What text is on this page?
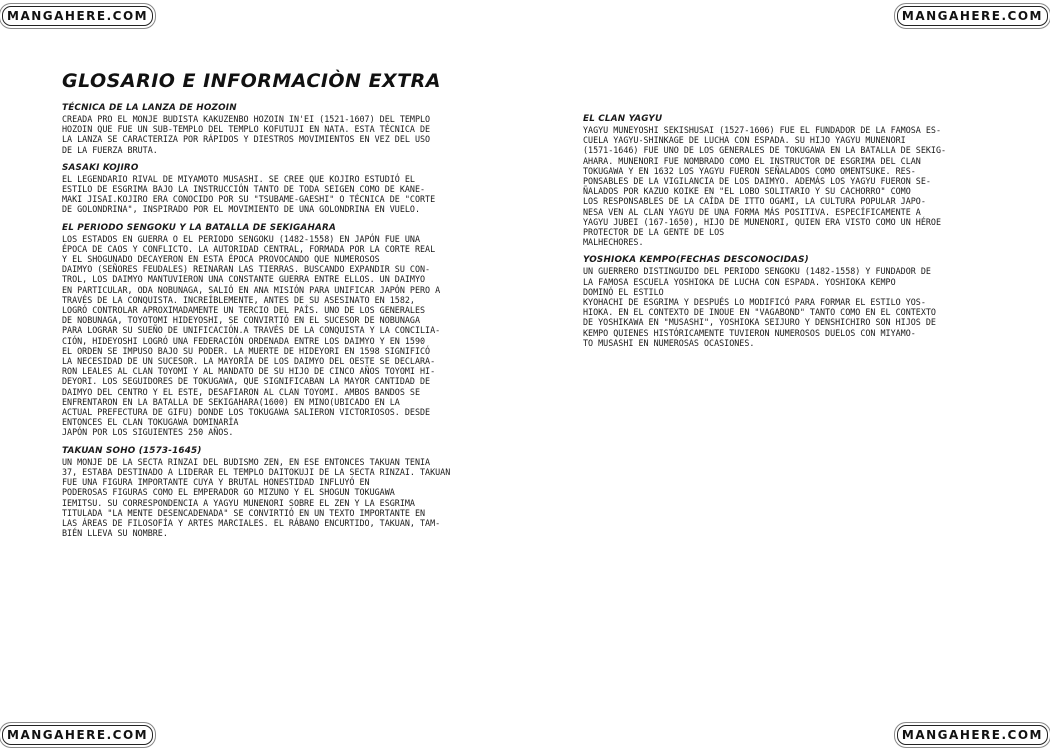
MANGAHERE.COM	MANGAHERE.COM
MANGAHERE.COM	MANGAHERE.COM
GLOSARIO E INFORMACIÒN EXTRA

TÉCNICA DE LA LANZA DE HOZOIN

CREADA PRO EL MONJE BUDISTA KAKUZENBO HOZOIN IN'EI (1521-1607) DEL TEMPLO
HOZOIN QUE FUE UN SUB-TEMPLO DEL TEMPLO KOFUTUJI EN NATA. ESTA TÉCNICA DE
LA LANZA SE CARACTERIZA POR RÁPIDOS Y DIESTROS MOVIMIENTOS EN VEZ DEL USO
DE LA FUERZA BRUTA.

SASAKI KOJIRO

EL LEGENDARIO RIVAL DE MIYAMOTO MUSASHI. SE CREE QUE KOJIRO ESTUDIÓ EL
ESTILO DE ESGRIMA BAJO LA INSTRUCCIÓN TANTO DE TODA SEIGEN COMO DE KANE-
MAKI JISAI.KOJIRO ERA CONOCIDO POR SU "TSUBAME-GAESHI" O TÉCNICA DE "CORTE
DE GOLONDRINA", INSPIRADO POR EL MOVIMIENTO DE UNA GOLONDRINA EN VUELO.

EL PERIODO SENGOKU Y LA BATALLA DE SEKIGAHARA

LOS ESTADOS EN GUERRA O EL PERIODO SENGOKU (1482-1558) EN JAPÓN FUE UNA
ÉPOCA DE CAOS Y CONFLICTO. LA AUTORIDAD CENTRAL, FORMADA POR LA CORTE REAL
Y EL SHOGUNADO DECAYERON EN ESTA ÉPOCA PROVOCANDO QUE NUMEROSOS
DAIMYO (SEÑORES FEUDALES) REINARAN LAS TIERRAS. BUSCANDO EXPANDIR SU CON-
TROL, LOS DAIMYO MANTUVIERON UNA CONSTANTE GUERRA ENTRE ELLOS. UN DAIMYO
EN PARTICULAR, ODA NOBUNAGA, SALIÓ EN ANA MISIÓN PARA UNIFICAR JAPÓN PERO A
TRAVÉS DE LA CONQUISTA. INCREÍBLEMENTE, ANTES DE SU ASESINATO EN 1582,
LOGRÓ CONTROLAR APROXIMADAMENTE UN TERCIO DEL PAÍS. UNO DE LOS GENERALES
DE NOBUNAGA, TOYOTOMI HIDEYOSHI, SE CONVIRTIÓ EN EL SUCESOR DE NOBUNAGA
PARA LOGRAR SU SUEÑO DE UNIFICACIÓN.A TRAVÉS DE LA CONQUISTA Y LA CONCILIA-
CIÓN, HIDEYOSHI LOGRÓ UNA FEDERACIÓN ORDENADA ENTRE LOS DAIMYO Y EN 1590
EL ORDEN SE IMPUSO BAJO SU PODER. LA MUERTE DE HIDEYORI EN 1598 SIGNIFICÓ
LA NECESIDAD DE UN SUCESOR. LA MAYORÍA DE LOS DAIMYO DEL OESTE SE DECLARA-
RON LEALES AL CLAN TOYOMI Y AL MANDATO DE SU HIJO DE CINCO AÑOS TOYOMI HI-
DEYORI. LOS SEGUIDORES DE TOKUGAWA, QUE SIGNIFICABAN LA MAYOR CANTIDAD DE
DAIMYO DEL CENTRO Y EL ESTE, DESAFIARON AL CLAN TOYOMI. AMBOS BANDOS SE
ENFRENTARON EN LA BATALLA DE SEKIGAHARA(1600) EN MINO(UBICADO EN LA
ACTUAL PREFECTURA DE GIFU) DONDE LOS TOKUGAWA SALIERON VICTORIOSOS. DESDE
ENTONCES EL CLAN TOKUGAWA DOMINARÍA
JAPÓN POR LOS SIGUIENTES 250 AÑOS.

TAKUAN SOHO (1573-1645)

UN MONJE DE LA SECTA RINZAI DEL BUDISMO ZEN, EN ESE ENTONCES TAKUAN TENIA
37, ESTABA DESTINADO A LIDERAR EL TEMPLO DAITOKUJI DE LA SECTA RINZAI. TAKUAN
FUE UNA FIGURA IMPORTANTE CUYA Y BRUTAL HONESTIDAD INFLUYÓ EN
PODEROSAS FIGURAS COMO EL EMPERADOR GO MIZUNO Y EL SHOGUN TOKUGAWA
IEMITSU. SU CORRESPONDENCIA A YAGYU MUNENORI SOBRE EL ZEN Y LA ESGRIMA
TITULADA "LA MENTE DESENCADENADA" SE CONVIRTIÓ EN UN TEXTO IMPORTANTE EN
LAS ÁREAS DE FILOSOFÍA Y ARTES MARCIALES. EL RÁBANO ENCURTIDO, TAKUAN, TAM-
BIÉN LLEVA SU NOMBRE.

EL CLAN YAGYU

YAGYU MUNEYOSHI SEKISHUSAI (1527-1606) FUE EL FUNDADOR DE LA FAMOSA ES-
CUELA YAGYU-SHINKAGE DE LUCHA CON ESPADA. SU HIJO YAGYU MUNENORI
(1571-1646) FUE UNO DE LOS GENERALES DE TOKUGAWA EN LA BATALLA DE SEKIG-
AHARA. MUNENORI FUE NOMBRADO COMO EL INSTRUCTOR DE ESGRIMA DEL CLAN
TOKUGAWA Y EN 1632 LOS YAGYU FUERON SEÑALADOS COMO OMENTSUKE. RES-
PONSABLES DE LA VIGILANCIA DE LOS DAIMYO. ADEMÁS LOS YAGYU FUERON SE-
ÑALADOS POR KAZUO KOIKE EN "EL LOBO SOLITARIO Y SU CACHORRO" COMO
LOS RESPONSABLES DE LA CAÍDA DE ITTO OGAMI, LA CULTURA POPULAR JAPO-
NESA VEN AL CLAN YAGYU DE UNA FORMA MÁS POSITIVA. ESPECÍFICAMENTE A
YAGYU JUBEI (167-1650), HIJO DE MUNENORI, QUIEN ERA VISTO COMO UN HÉROE
PROTECTOR DE LA GENTE DE LOS
MALHECHORES.

YOSHIOKA KEMPO(FECHAS DESCONOCIDAS)

UN GUERRERO DISTINGUIDO DEL PERIODO SENGOKU (1482-1558) Y FUNDADOR DE
LA FAMOSA ESCUELA YOSHIOKA DE LUCHA CON ESPADA. YOSHIOKA KEMPO
DOMINÓ EL ESTILO
KYOHACHI DE ESGRIMA Y DESPUÉS LO MODIFICÓ PARA FORMAR EL ESTILO YOS-
HIOKA. EN EL CONTEXTO DE INOUE EN "VAGABOND" TANTO COMO EN EL CONTEXTO
DE YOSHIKAWA EN "MUSASHI", YOSHIOKA SEIJURO Y DENSHICHIRO SON HIJOS DE
KEMPO QUIENES HISTÓRICAMENTE TUVIERON NUMEROSOS DUELOS CON MIYAMO-
TO MUSASHI EN NUMEROSAS OCASIONES.
